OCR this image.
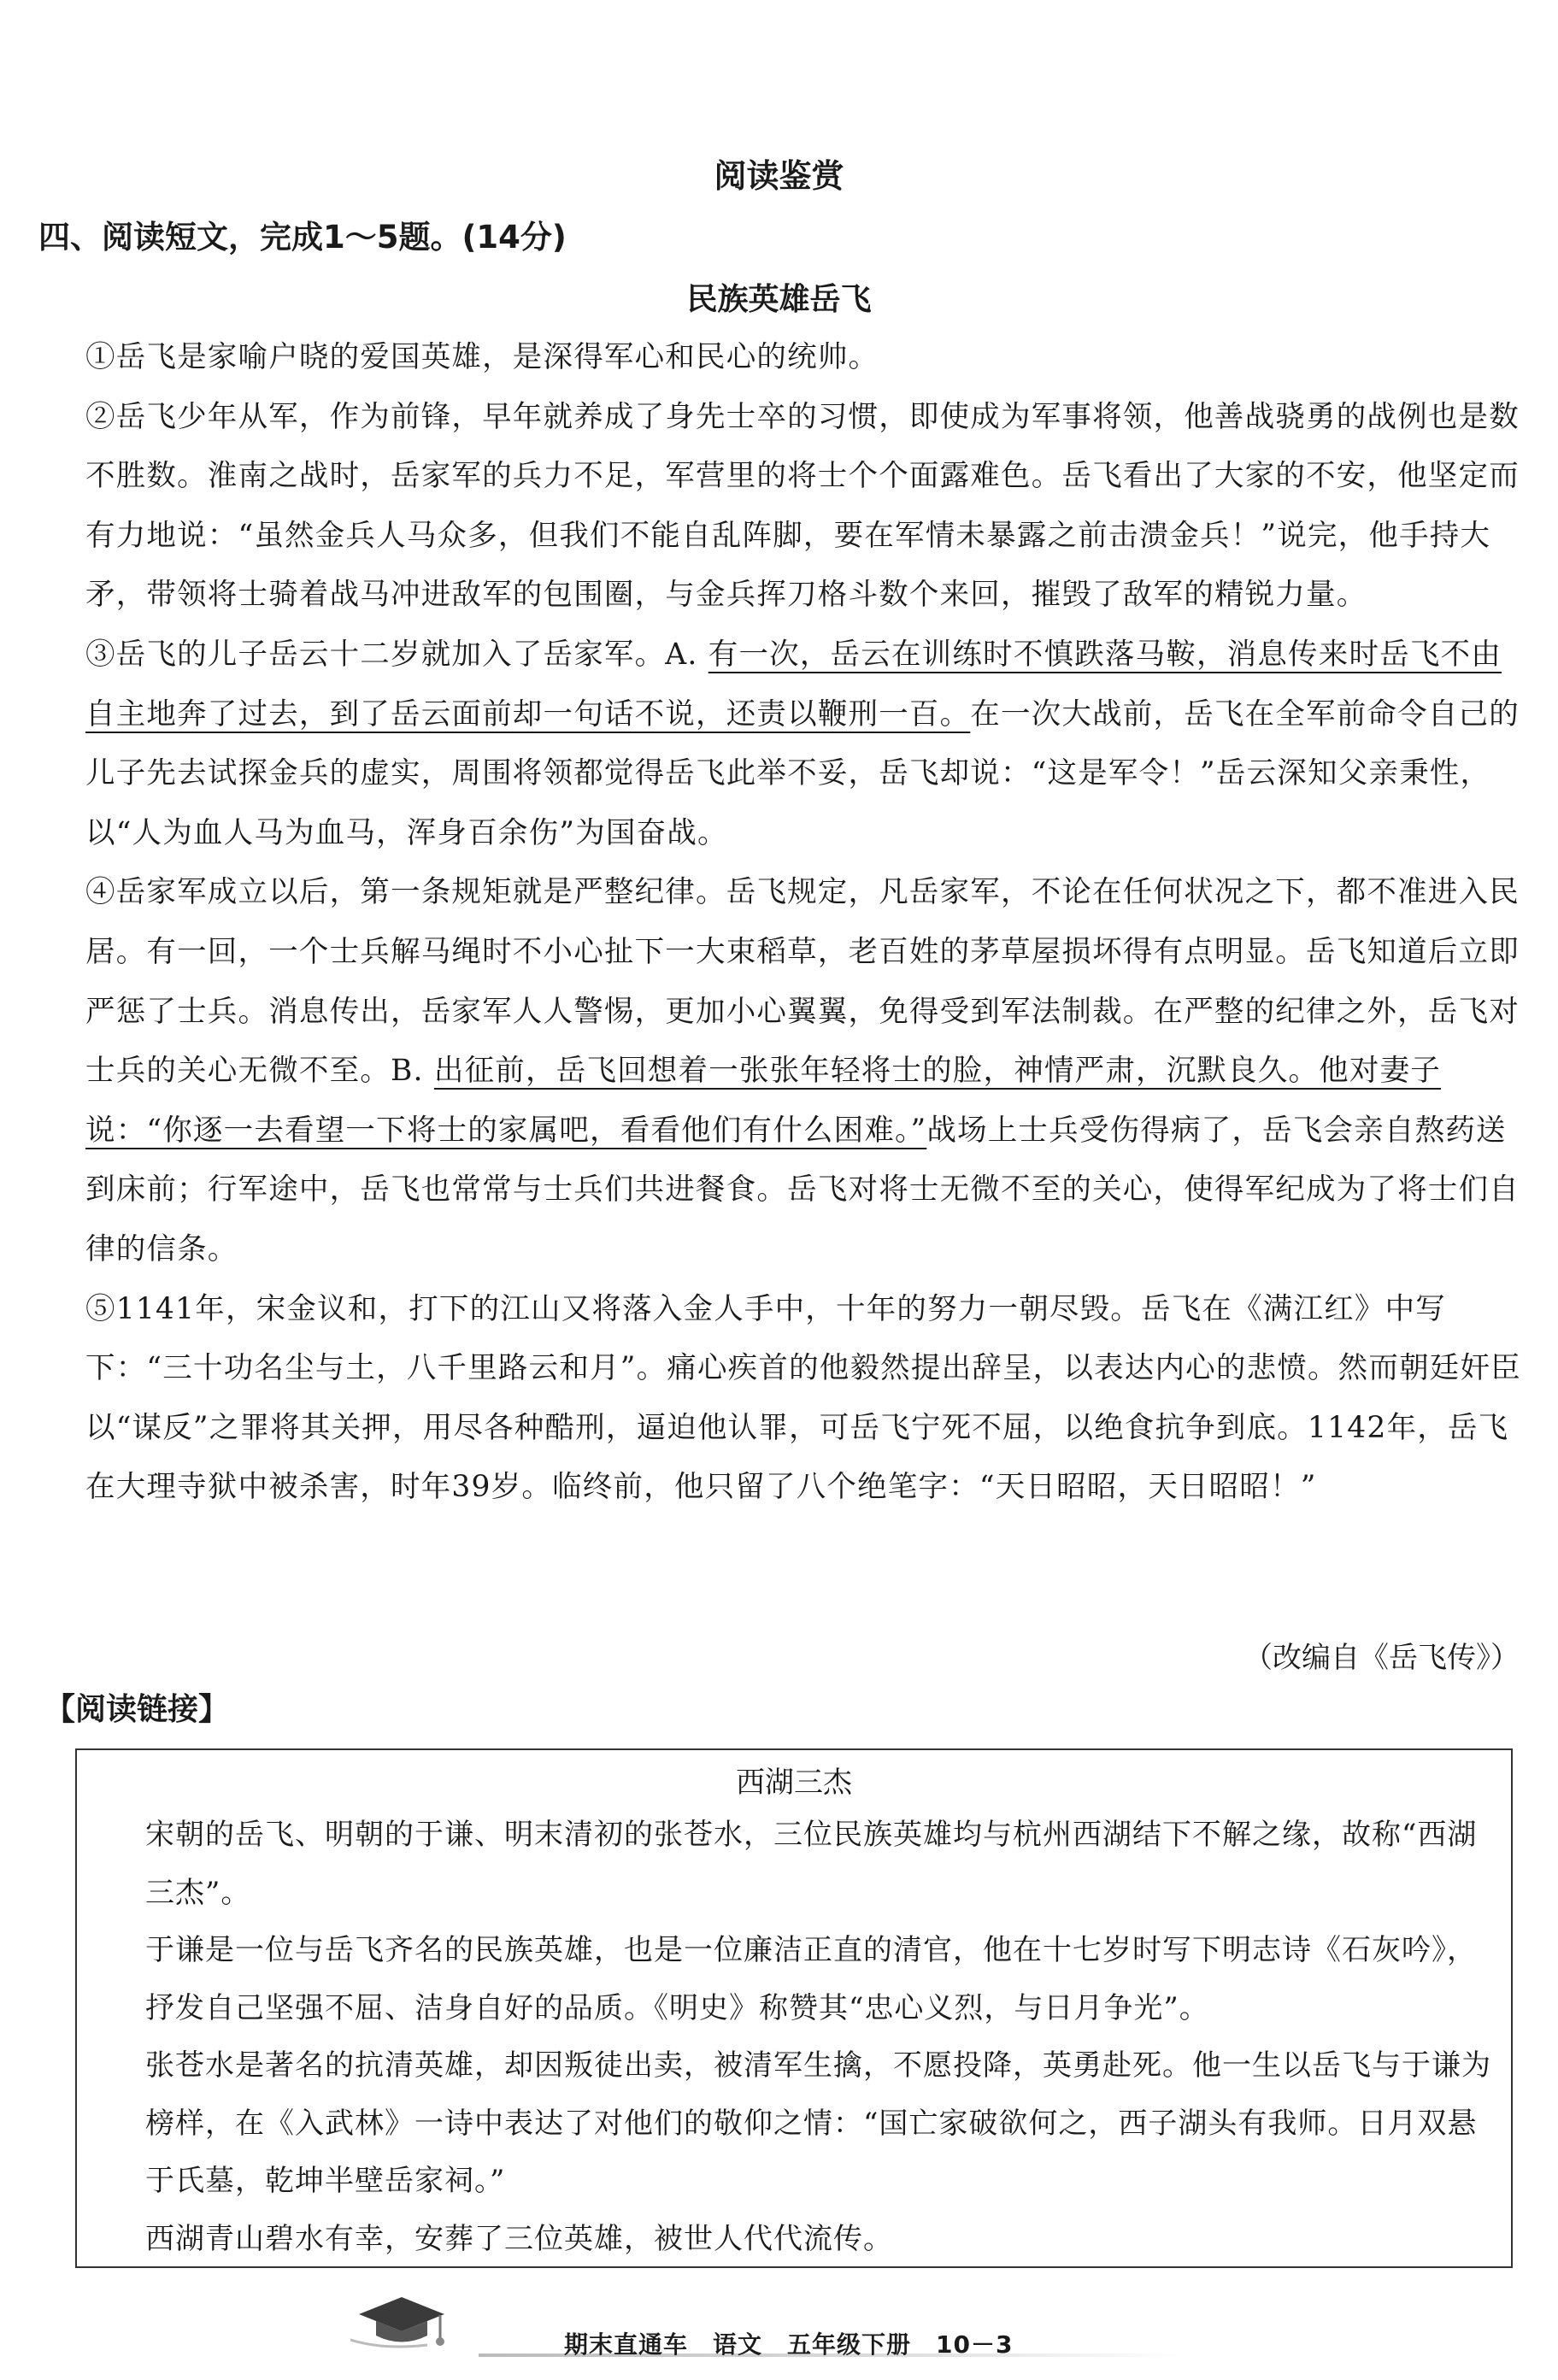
阅读鉴赏
四、阅读短文，完成1～5题。(14分)
民族英雄岳飞

①岳飞是家喻户晓的爱国英雄，是深得军心和民心的统帅。

②岳飞少年从军，作为前锋，早年就养成了身先士卒的习惯，即使成为军事将领，他善战骁勇的战例也是数不胜数。淮南之战时，岳家军的兵力不足，军营里的将士个个面露难色。岳飞看出了大家的不安，他坚定而有力地说：“虽然金兵人马众多，但我们不能自乱阵脚，要在军情未暴露之前击溃金兵！”说完，他手持大矛，带领将士骑着战马冲进敌军的包围圈，与金兵挥刀格斗数个来回，摧毁了敌军的精锐力量。

③岳飞的儿子岳云十二岁就加入了岳家军。A. 有一次，岳云在训练时不慎跌落马鞍，消息传来时岳飞不由自主地奔了过去，到了岳云面前却一句话不说，还责以鞭刑一百。在一次大战前，岳飞在全军前命令自己的儿子先去试探金兵的虚实，周围将领都觉得岳飞此举不妥，岳飞却说：“这是军令！”岳云深知父亲秉性，以“人为血人马为血马，浑身百余伤”为国奋战。

④岳家军成立以后，第一条规矩就是严整纪律。岳飞规定，凡岳家军，不论在任何状况之下，都不准进入民居。有一回，一个士兵解马绳时不小心扯下一大束稻草，老百姓的茅草屋损坏得有点明显。岳飞知道后立即严惩了士兵。消息传出，岳家军人人警惕，更加小心翼翼，免得受到军法制裁。在严整的纪律之外，岳飞对士兵的关心无微不至。B. 出征前，岳飞回想着一张张年轻将士的脸，神情严肃，沉默良久。他对妻子说：“你逐一去看望一下将士的家属吧，看看他们有什么困难。”战场上士兵受伤得病了，岳飞会亲自熬药送到床前；行军途中，岳飞也常常与士兵们共进餐食。岳飞对将士无微不至的关心，使得军纪成为了将士们自律的信条。

⑤1141年，宋金议和，打下的江山又将落入金人手中，十年的努力一朝尽毁。岳飞在《满江红》中写下：“三十功名尘与土，八千里路云和月”。痛心疾首的他毅然提出辞呈，以表达内心的悲愤。然而朝廷奸臣以“谋反”之罪将其关押，用尽各种酷刑，逼迫他认罪，可岳飞宁死不屈，以绝食抗争到底。1142年，岳飞在大理寺狱中被杀害，时年39岁。临终前，他只留了八个绝笔字：“天日昭昭，天日昭昭！”

（改编自《岳飞传》）
【阅读链接】
西湖三杰

宋朝的岳飞、明朝的于谦、明末清初的张苍水，三位民族英雄均与杭州西湖结下不解之缘，故称“西湖三杰”。

于谦是一位与岳飞齐名的民族英雄，也是一位廉洁正直的清官，他在十七岁时写下明志诗《石灰吟》，抒发自己坚强不屈、洁身自好的品质。《明史》称赞其“忠心义烈，与日月争光”。

张苍水是著名的抗清英雄，却因叛徒出卖，被清军生擒，不愿投降，英勇赴死。他一生以岳飞与于谦为榜样，在《入武林》一诗中表达了对他们的敬仰之情：“国亡家破欲何之，西子湖头有我师。日月双悬于氏墓，乾坤半壁岳家祠。”

西湖青山碧水有幸，安葬了三位英雄，被世人代代流传。

期末直通车　语文　五年级下册　10－3
